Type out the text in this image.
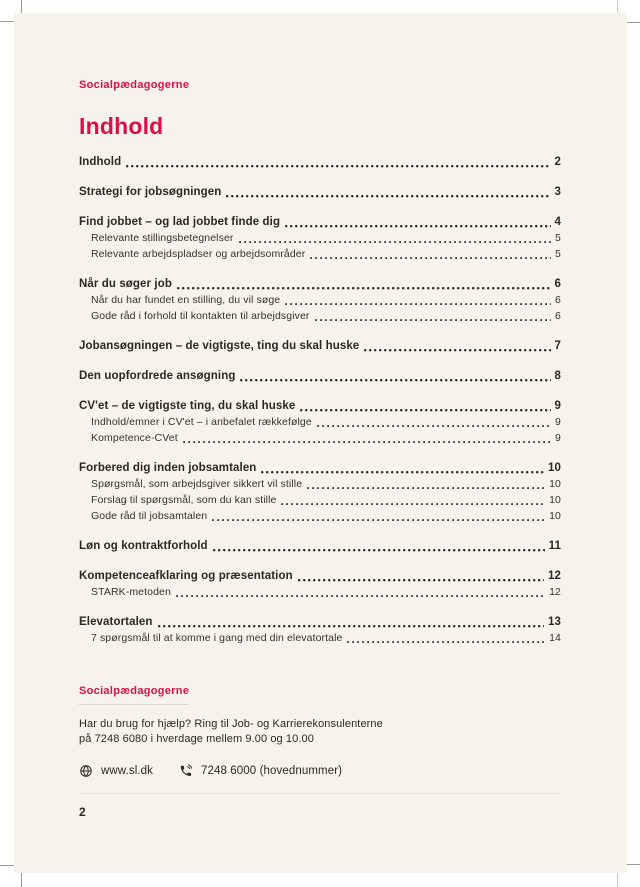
Socialpædagogerne
Indhold
Indhold	2
Strategi for jobsøgningen	3
Find jobbet – og lad jobbet finde dig	4
Relevante stillingsbetegnelser	5
Relevante arbejdspladser og arbejdsområder	5
Når du søger job	6
Når du har fundet en stilling, du vil søge	6
Gode råd i forhold til kontakten til arbejdsgiver	6
Jobansøgningen – de vigtigste, ting du skal huske	7
Den uopfordrede ansøgning	8
CV'et – de vigtigste ting, du skal huske	9
Indhold/emner i CV'et – i anbefalet rækkefølge	9
Kompetence-CVet	9
Forbered dig inden jobsamtalen	10
Spørgsmål, som arbejdsgiver sikkert vil stille	10
Forslag til spørgsmål, som du kan stille	10
Gode råd til jobsamtalen	10
Løn og kontraktforhold	11
Kompetenceafklaring og præsentation	12
STARK-metoden	12
Elevatortalen	13
7 spørgsmål til at komme i gang med din elevatortale	14
Socialpædagogerne
Har du brug for hjælp? Ring til Job- og Karrierekonsulenterne
på 7248 6080 i hverdage mellem 9.00 og 10.00
www.sl.dk	7248 6000 (hovednummer)
2
